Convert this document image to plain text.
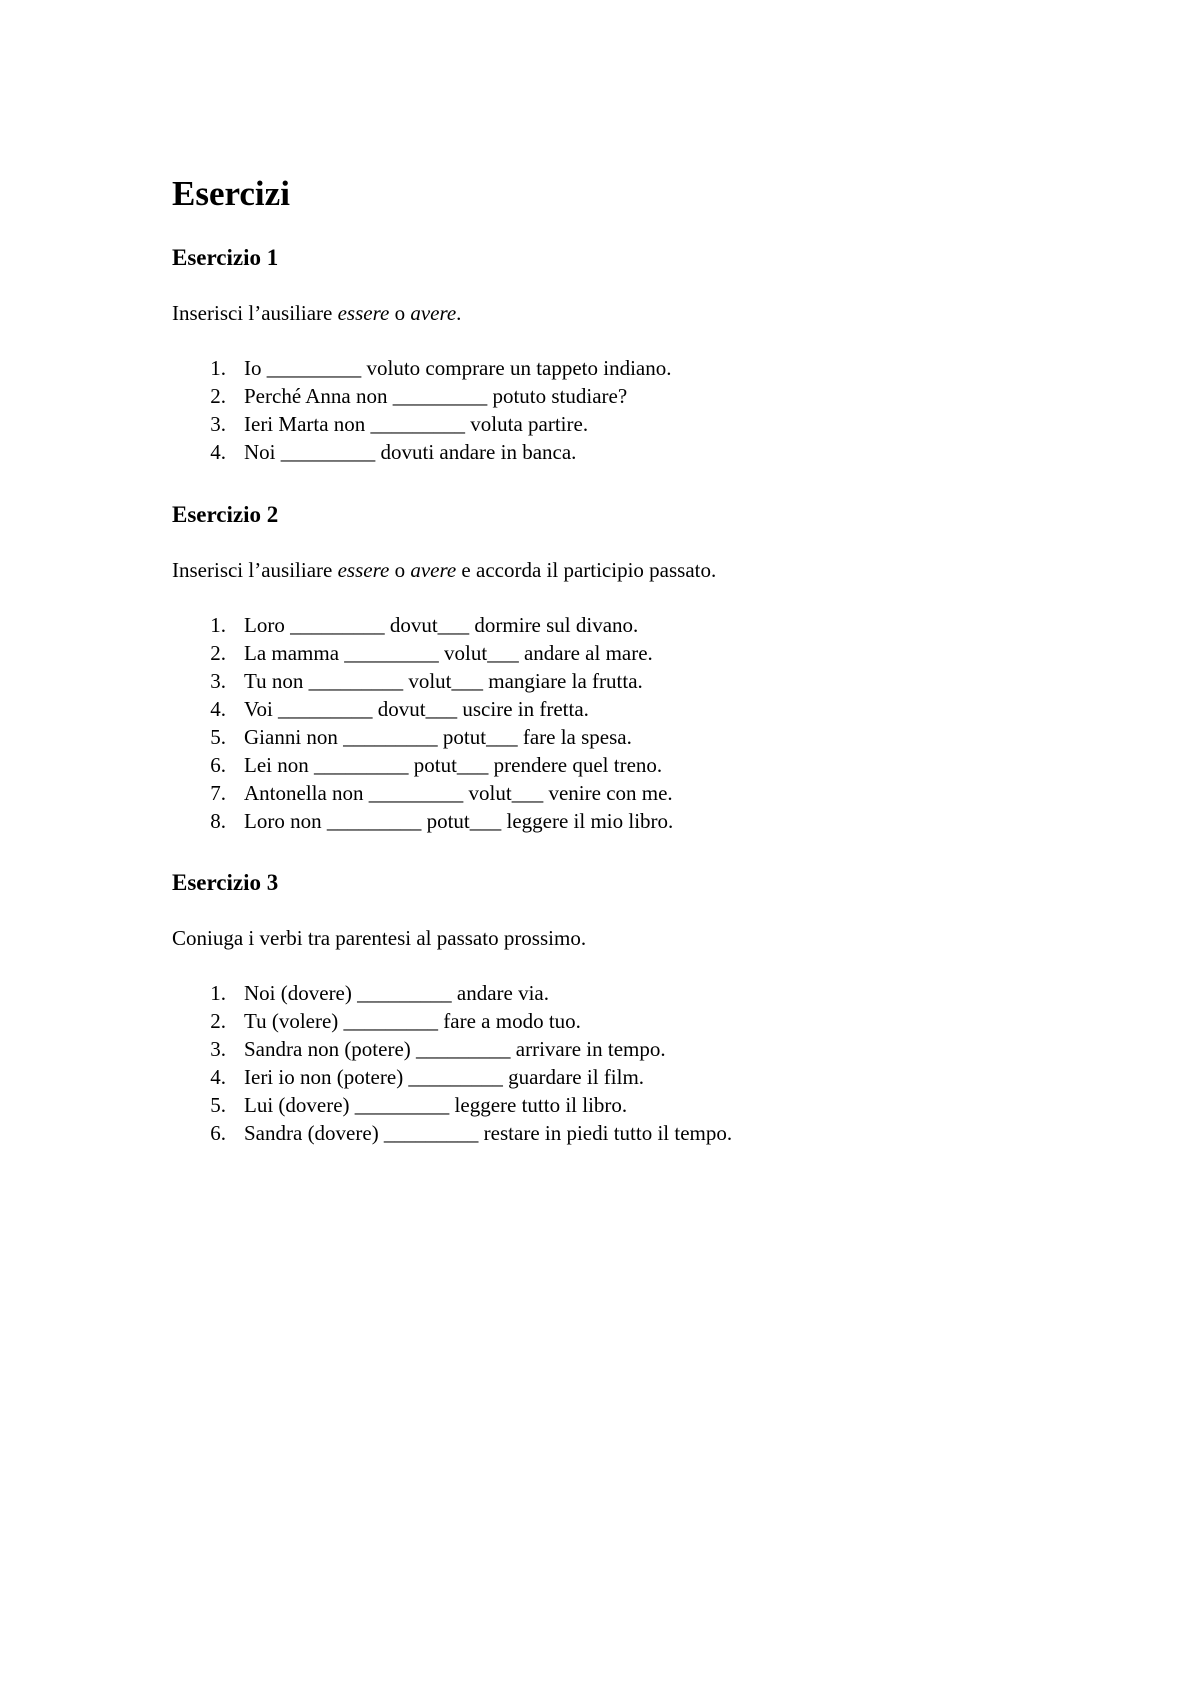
Esercizi
Esercizio 1

Inserisci l’ausiliare essere o avere.

1. Io _________ voluto comprare un tappeto indiano.
2. Perché Anna non _________ potuto studiare?
3. Ieri Marta non _________ voluta partire.
4. Noi _________ dovuti andare in banca.
Esercizio 2

Inserisci l’ausiliare essere o avere e accorda il participio passato.

1. Loro _________ dovut___ dormire sul divano.
2. La mamma _________ volut___ andare al mare.
3. Tu non _________ volut___ mangiare la frutta.
4. Voi _________ dovut___ uscire in fretta.
5. Gianni non _________ potut___ fare la spesa.
6. Lei non _________ potut___ prendere quel treno.
7. Antonella non _________ volut___ venire con me.
8. Loro non _________ potut___ leggere il mio libro.
Esercizio 3

Coniuga i verbi tra parentesi al passato prossimo.

1. Noi (dovere) _________ andare via.
2. Tu (volere) _________ fare a modo tuo.
3. Sandra non (potere) _________ arrivare in tempo.
4. Ieri io non (potere) _________ guardare il film.
5. Lui (dovere) _________ leggere tutto il libro.
6. Sandra (dovere) _________ restare in piedi tutto il tempo.
